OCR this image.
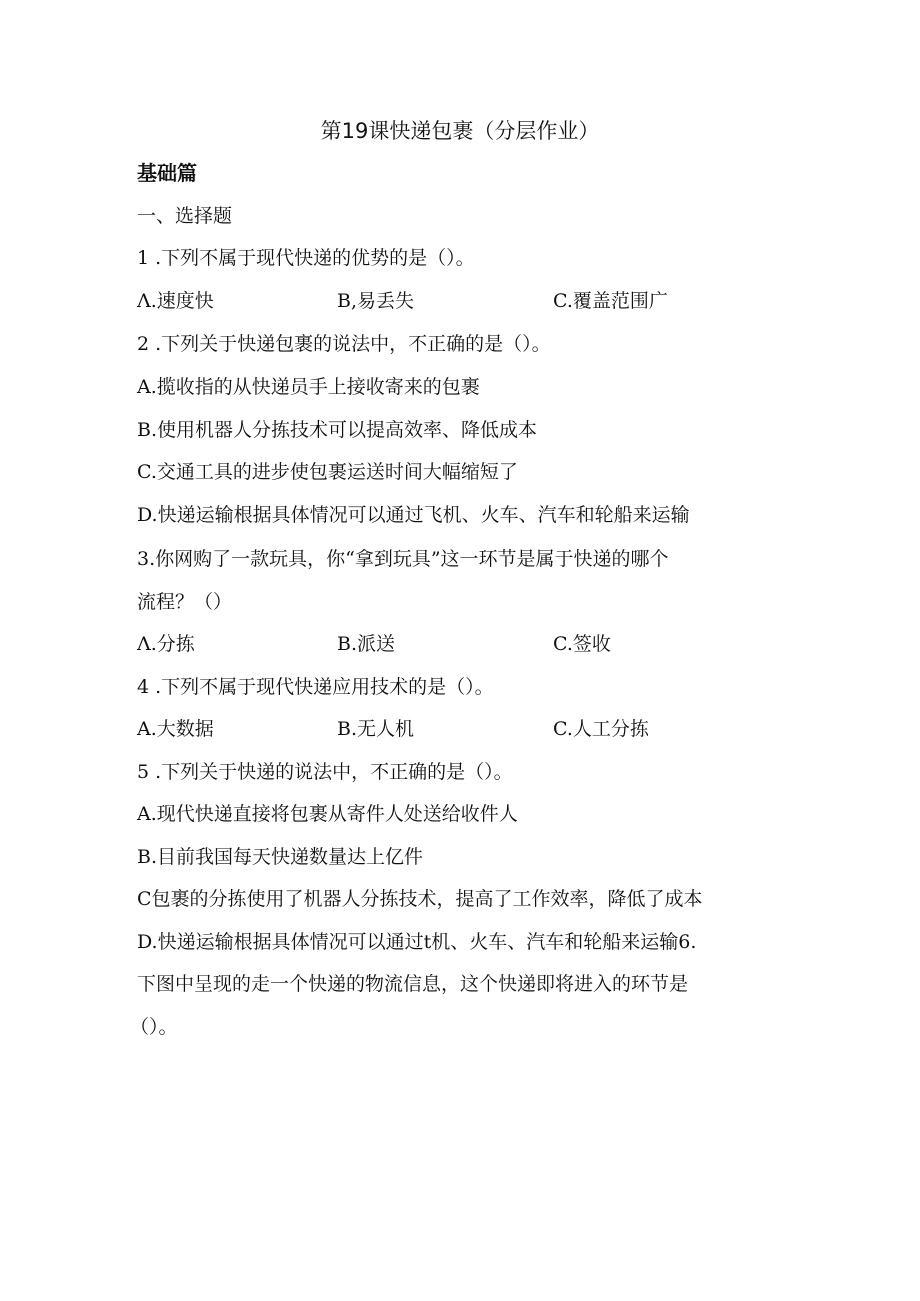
第19课快递包裹（分层作业）
基础篇
一、选择题
1 .下列不属于现代快递的优势的是（）。
Λ.速度快	B,易丢失	C.覆盖范围广
2 .下列关于快递包裹的说法中，不正确的是（）。
A.揽收指的从快递员手上接收寄来的包裹
B.使用机器人分拣技术可以提高效率、降低成本
C.交通工具的进步使包裹运送时间大幅缩短了
D.快递运输根据具体情况可以通过飞机、火车、汽车和轮船来运输
3.你网购了一款玩具，你“拿到玩具”这一环节是属于快递的哪个
流程？（）
Λ.分拣	B.派送	C.签收
4 .下列不属于现代快递应用技术的是（）。
A.大数据	B.无人机	C.人工分拣
5 .下列关于快递的说法中，不正确的是（）。
A.现代快递直接将包裹从寄件人处送给收件人
B.目前我国每天快递数量达上亿件
C包裹的分拣使用了机器人分拣技术，提高了工作效率，降低了成本
D.快递运输根据具体情况可以通过t机、火车、汽车和轮船来运输6.
下图中呈现的走一个快递的物流信息，这个快递即将进入的环节是
（）。
